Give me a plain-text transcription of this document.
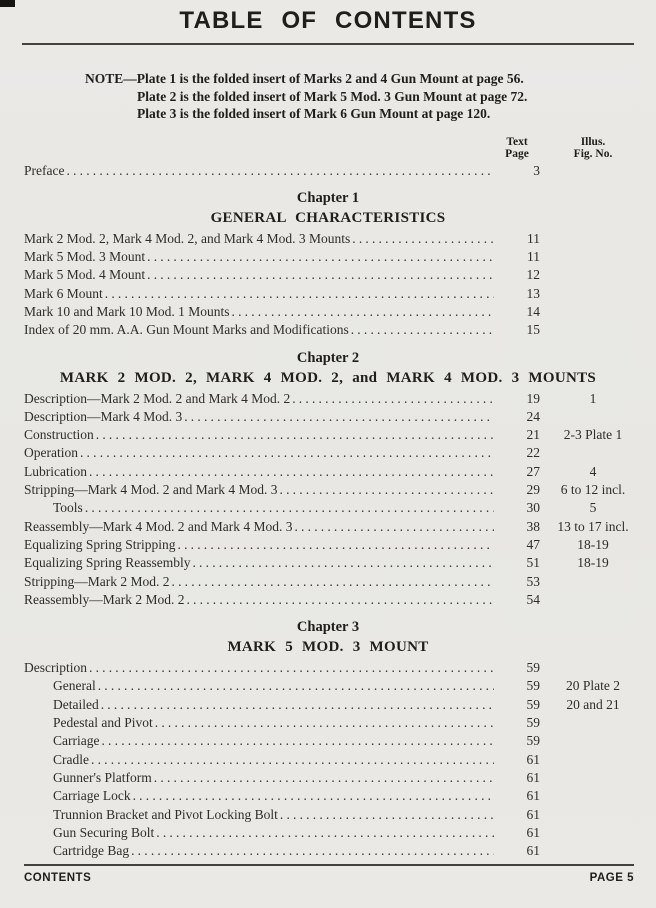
TABLE OF CONTENTS
NOTE—Plate 1 is the folded insert of Marks 2 and 4 Gun Mount at page 56.
Plate 2 is the folded insert of Mark 5 Mod. 3 Gun Mount at page 72.
Plate 3 is the folded insert of Mark 6 Gun Mount at page 120.
Text
Page
Illus.
Fig. No.
Preface .....	3
Chapter 1
GENERAL CHARACTERISTICS
Mark 2 Mod. 2, Mark 4 Mod. 2, and Mark 4 Mod. 3 Mounts .....	11
Mark 5 Mod. 3 Mount .....	11
Mark 5 Mod. 4 Mount .....	12
Mark 6 Mount .....	13
Mark 10 and Mark 10 Mod. 1 Mounts .....	14
Index of 20 mm. A.A. Gun Mount Marks and Modifications .....	15
Chapter 2
MARK 2 MOD. 2, MARK 4 MOD. 2, and MARK 4 MOD. 3 MOUNTS
Description—Mark 2 Mod. 2 and Mark 4 Mod. 2 .....	19	1
Description—Mark 4 Mod. 3 .....	24
Construction .....	21	2-3 Plate 1
Operation .....	22
Lubrication .....	27	4
Stripping—Mark 4 Mod. 2 and Mark 4 Mod. 3 .....	29	6 to 12 incl.
Tools .....	30	5
Reassembly—Mark 4 Mod. 2 and Mark 4 Mod. 3 .....	38	13 to 17 incl.
Equalizing Spring Stripping .....	47	18-19
Equalizing Spring Reassembly .....	51	18-19
Stripping—Mark 2 Mod. 2 .....	53
Reassembly—Mark 2 Mod. 2 .....	54
Chapter 3
MARK 5 MOD. 3 MOUNT
Description .....	59
General .....	59	20 Plate 2
Detailed .....	59	20 and 21
Pedestal and Pivot .....	59
Carriage .....	59
Cradle .....	61
Gunner's Platform .....	61
Carriage Lock .....	61
Trunnion Bracket and Pivot Locking Bolt .....	61
Gun Securing Bolt .....	61
Cartridge Bag .....	61
CONTENTS	PAGE 5
